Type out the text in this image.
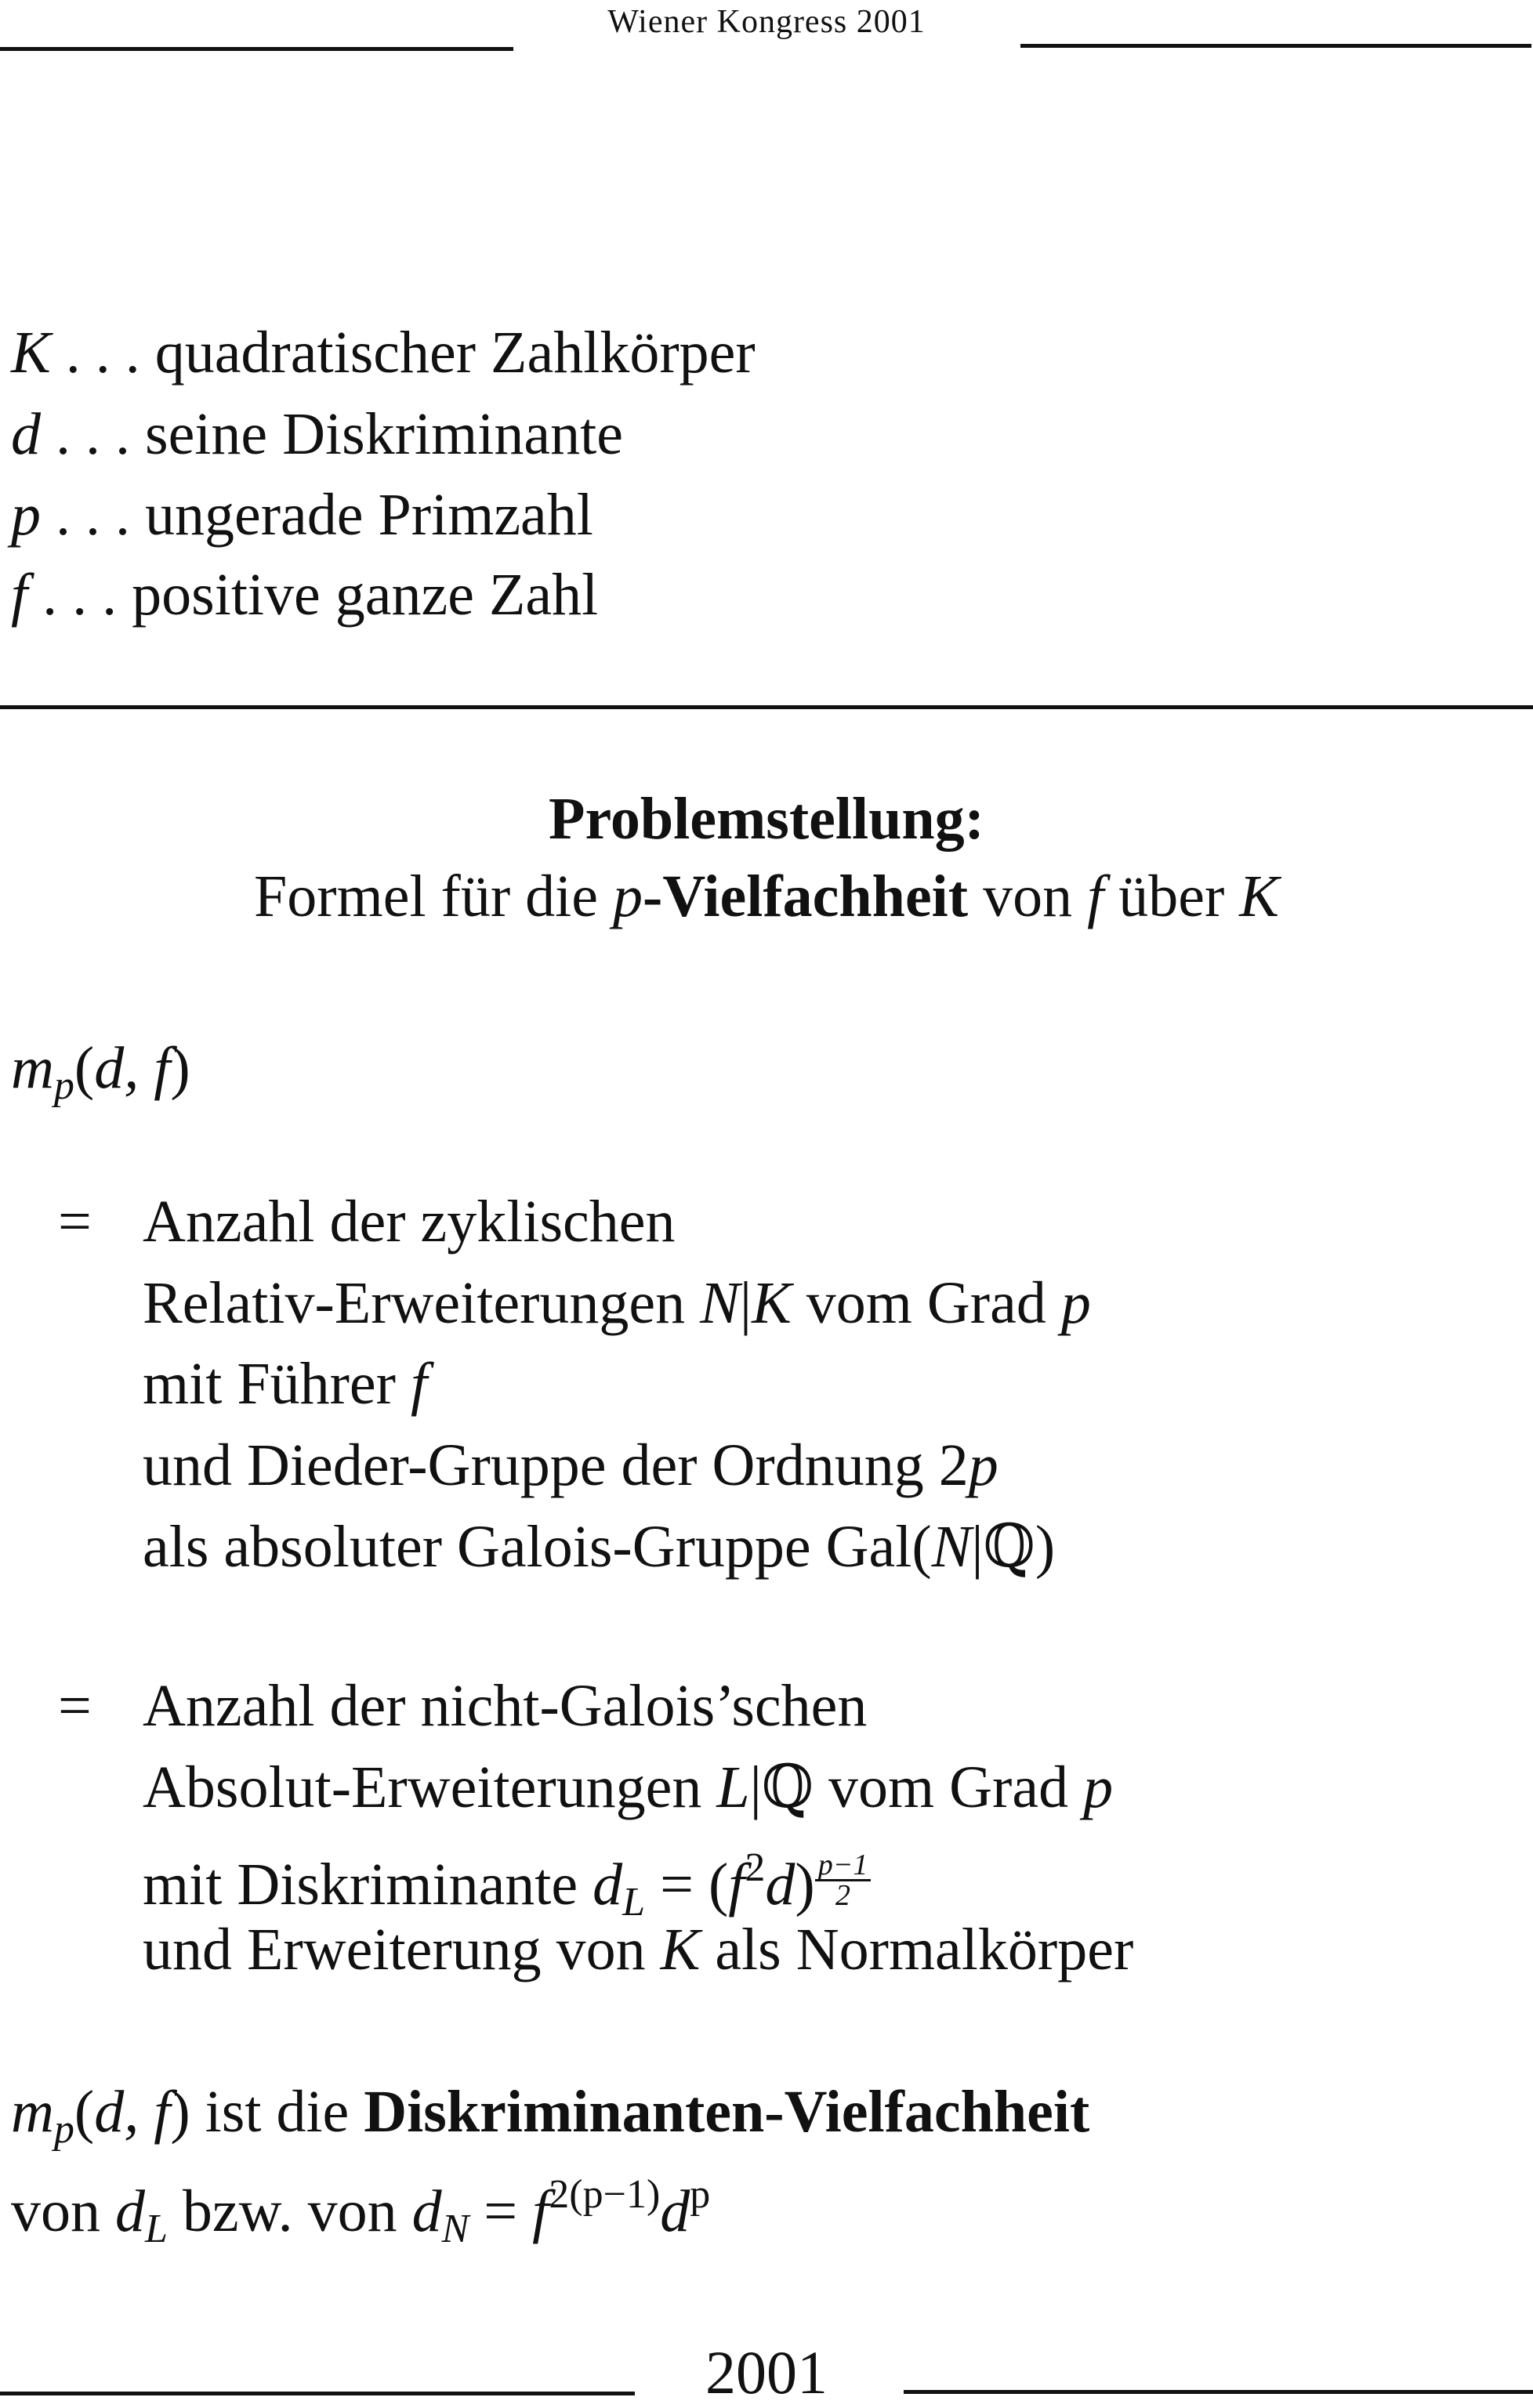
Wiener Kongress 2001
K . . . quadratischer Zahlkörper
d . . . seine Diskriminante
p . . . ungerade Primzahl
f . . . positive ganze Zahl
Problemstellung:
Formel für die p-Vielfachheit von f über K
$m_p(d$, f)
= Anzahl der zyklischen
Relativ-Erweiterungen N|K vom Grad p
mit Führer f
und Dieder-Gruppe der Ordnung 2p
als absoluter Galois-Gruppe Gal(N|ℚ)
= Anzahl der nicht-Galois’schen
Absolut-Erweiterungen L|ℚ vom Grad p
mit Diskriminante $d_L = (f^2d) \frac{p-1}{2}$
und Erweiterung von K als Normalkörper
$m_p(d$, f) ist die Diskriminanten-Vielfachheit
von $d_L$ bzw. von $d_N = f^{2(p-1)}d^p$
2001
